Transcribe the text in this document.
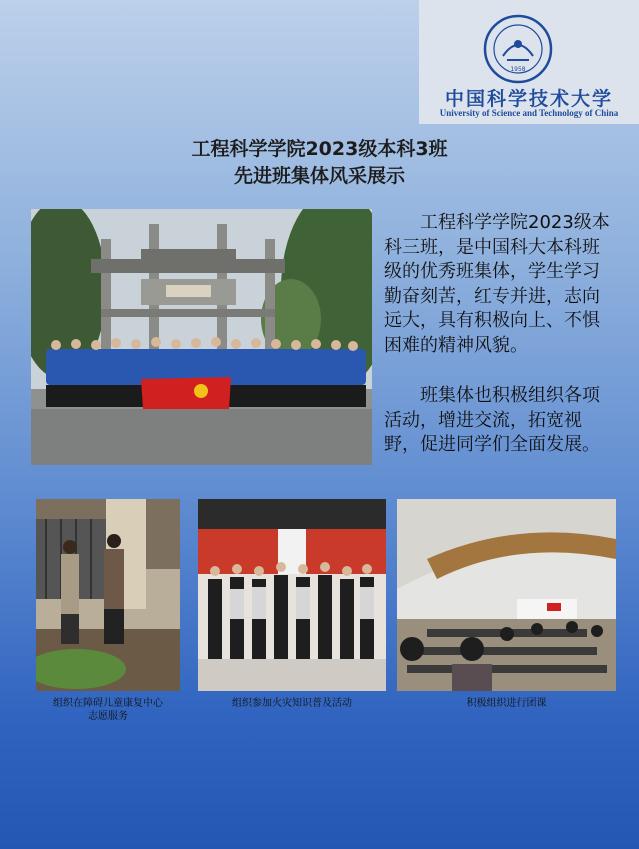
1958
中国科学技术大学
University of Science and Technology of China
工程科学学院2023级本科3班
先进班集体风采展示

工程科学学院2023级本科三班，是中国科大本科班级的优秀班集体，学生学习勤奋刻苦，红专并进，志向远大，具有积极向上、不惧困难的精神风貌。

班集体也积极组织各项活动，增进交流，拓宽视野，促进同学们全面发展。

组织在障碍儿童康复中心
志愿服务
组织参加火灾知识普及活动	积极组织进行团课
